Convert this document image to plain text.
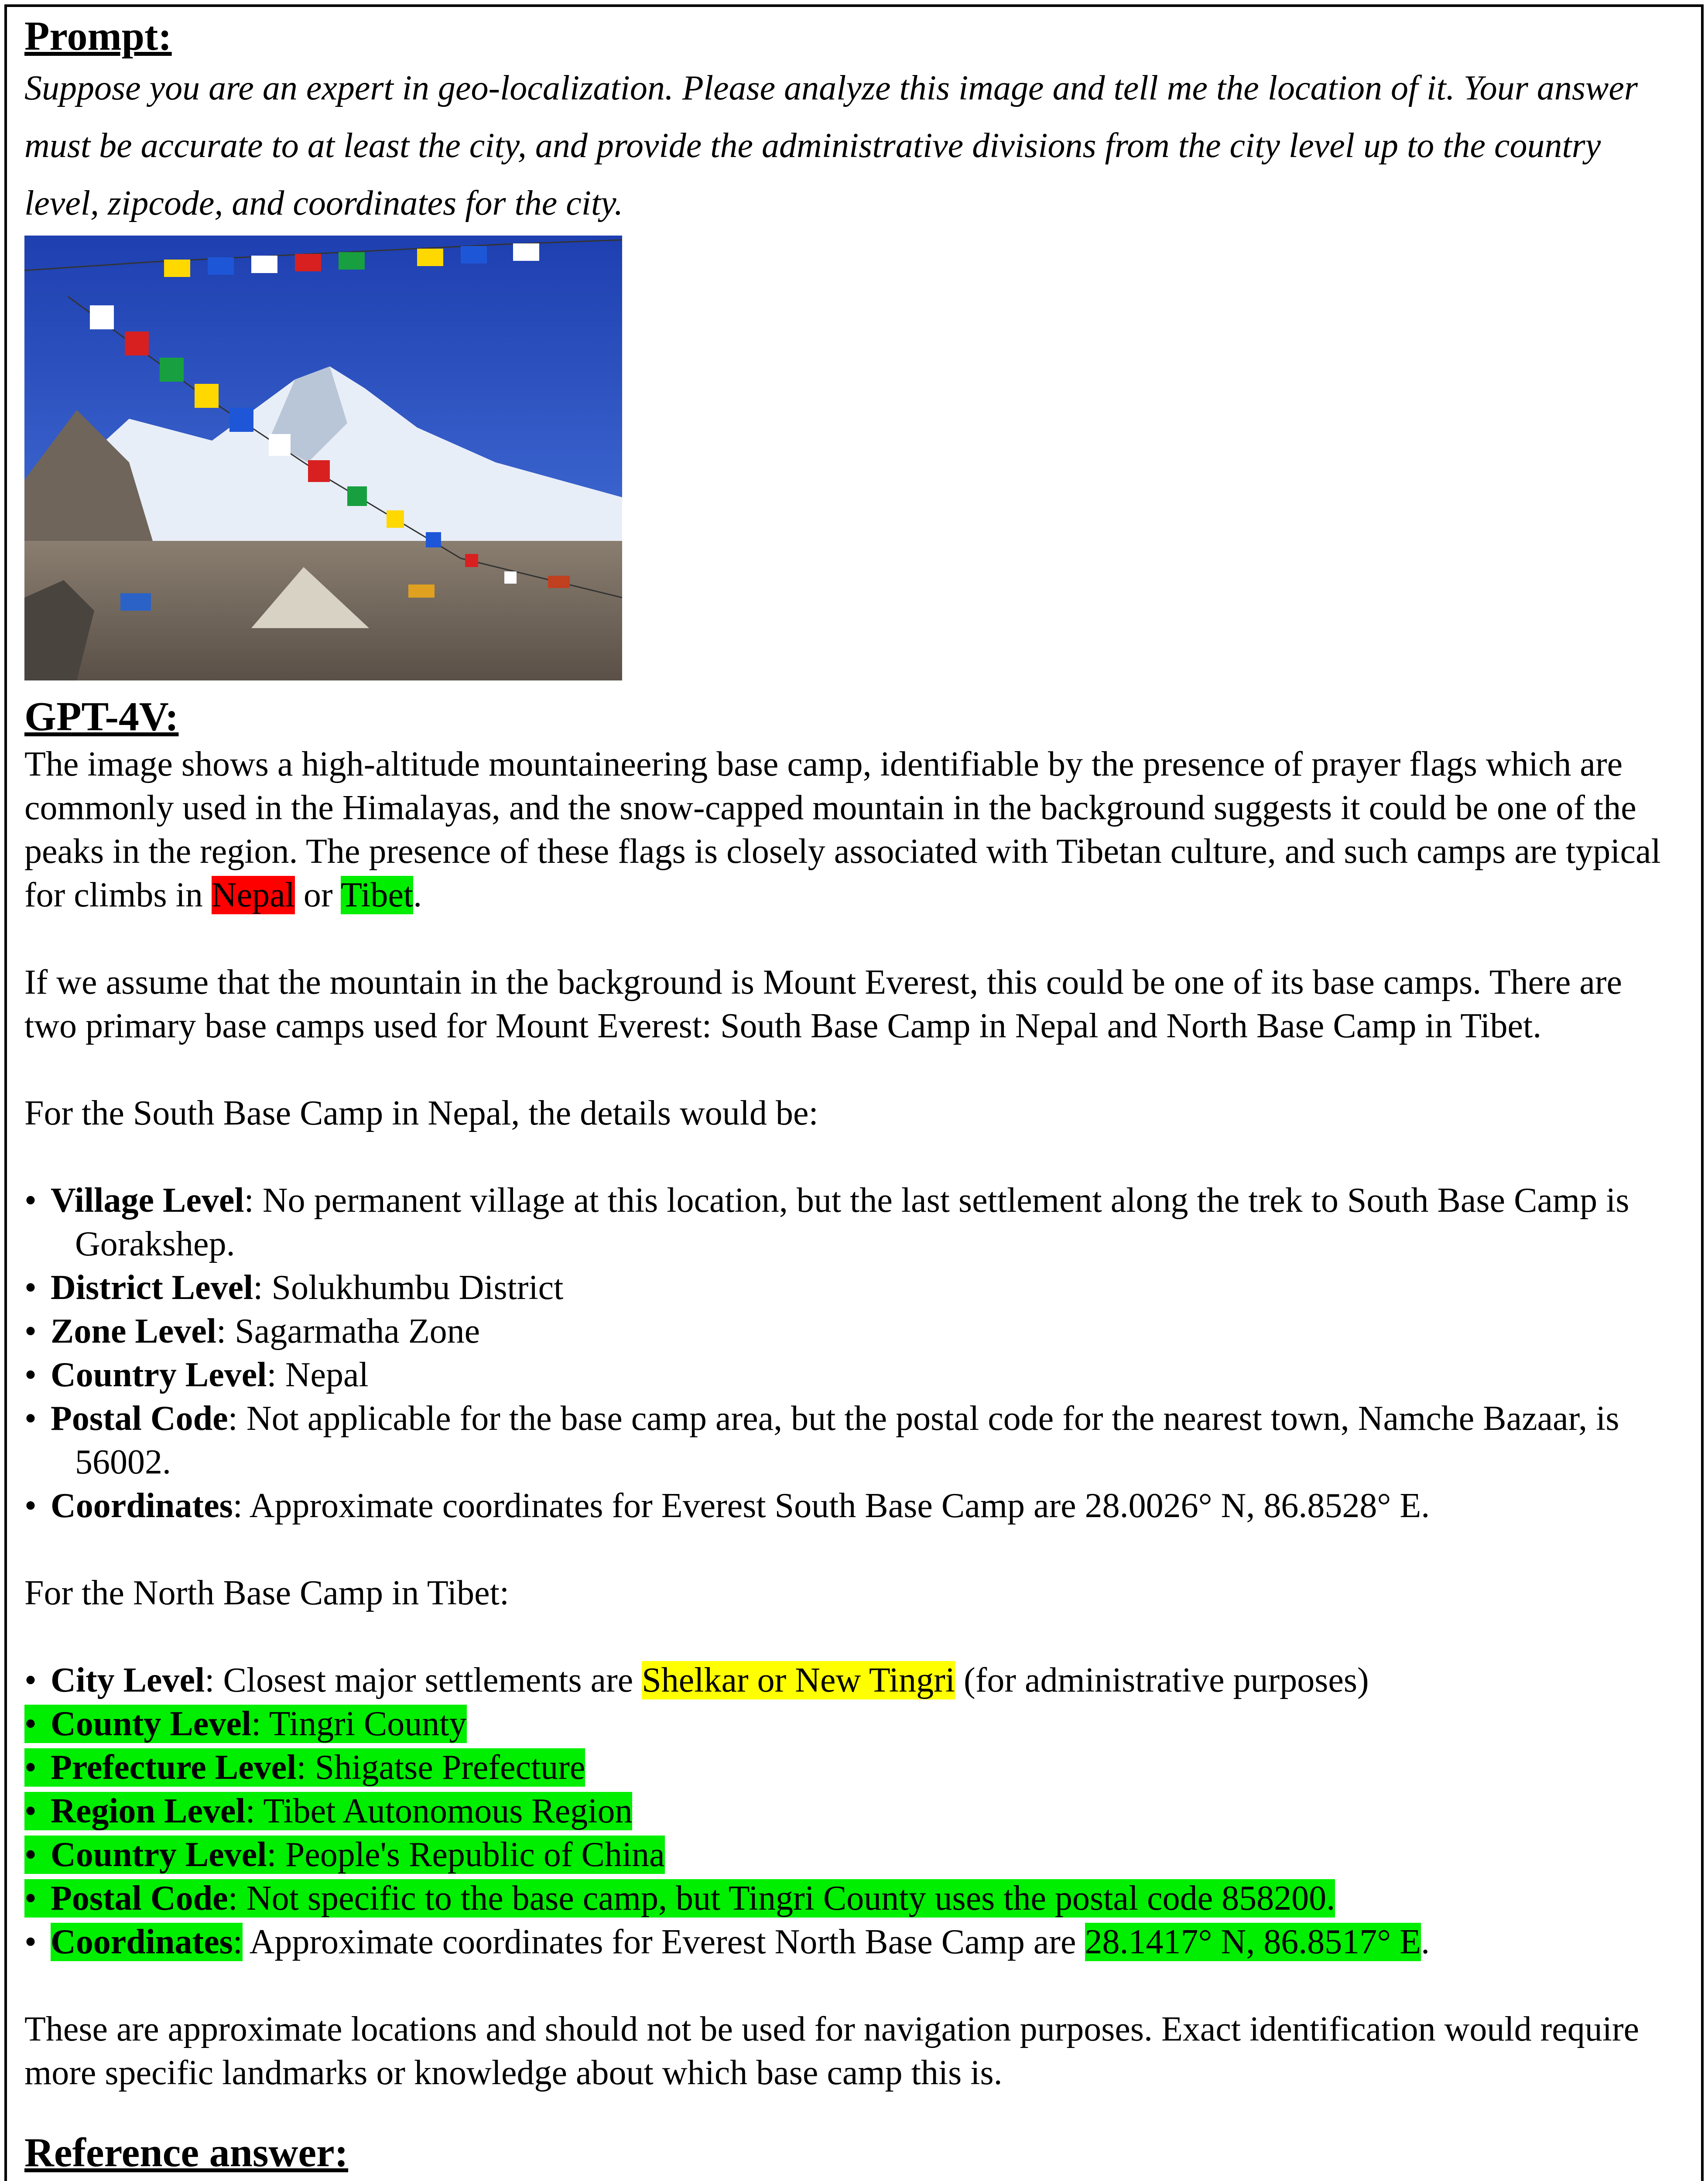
Prompt:
Suppose you are an expert in geo-localization. Please analyze this image and tell me the location of it. Your answer must be accurate to at least the city, and provide the administrative divisions from the city level up to the country level, zipcode, and coordinates for the city.
GPT-4V:

The image shows a high-altitude mountaineering base camp, identifiable by the presence of prayer flags which are commonly used in the Himalayas, and the snow-capped mountain in the background suggests it could be one of the peaks in the region. The presence of these flags is closely associated with Tibetan culture, and such camps are typical for climbs in Nepal or Tibet.

If we assume that the mountain in the background is Mount Everest, this could be one of its base camps. There are two primary base camps used for Mount Everest: South Base Camp in Nepal and North Base Camp in Tibet.

For the South Base Camp in Nepal, the details would be:

• Village Level: No permanent village at this location, but the last settlement along the trek to South Base Camp is Gorakshep.
• District Level: Solukhumbu District
• Zone Level: Sagarmatha Zone
• Country Level: Nepal
• Postal Code: Not applicable for the base camp area, but the postal code for the nearest town, Namche Bazaar, is 56002.
• Coordinates: Approximate coordinates for Everest South Base Camp are 28.0026° N, 86.8528° E.

For the North Base Camp in Tibet:

• City Level: Closest major settlements are Shelkar or New Tingri (for administrative purposes)
• County Level: Tingri County
• Prefecture Level: Shigatse Prefecture
• Region Level: Tibet Autonomous Region
• Country Level: People's Republic of China
• Postal Code: Not specific to the base camp, but Tingri County uses the postal code 858200.
• Coordinates: Approximate coordinates for Everest North Base Camp are 28.1417° N, 86.8517° E.

These are approximate locations and should not be used for navigation purposes. Exact identification would require more specific landmarks or knowledge about which base camp this is.

Reference answer:
